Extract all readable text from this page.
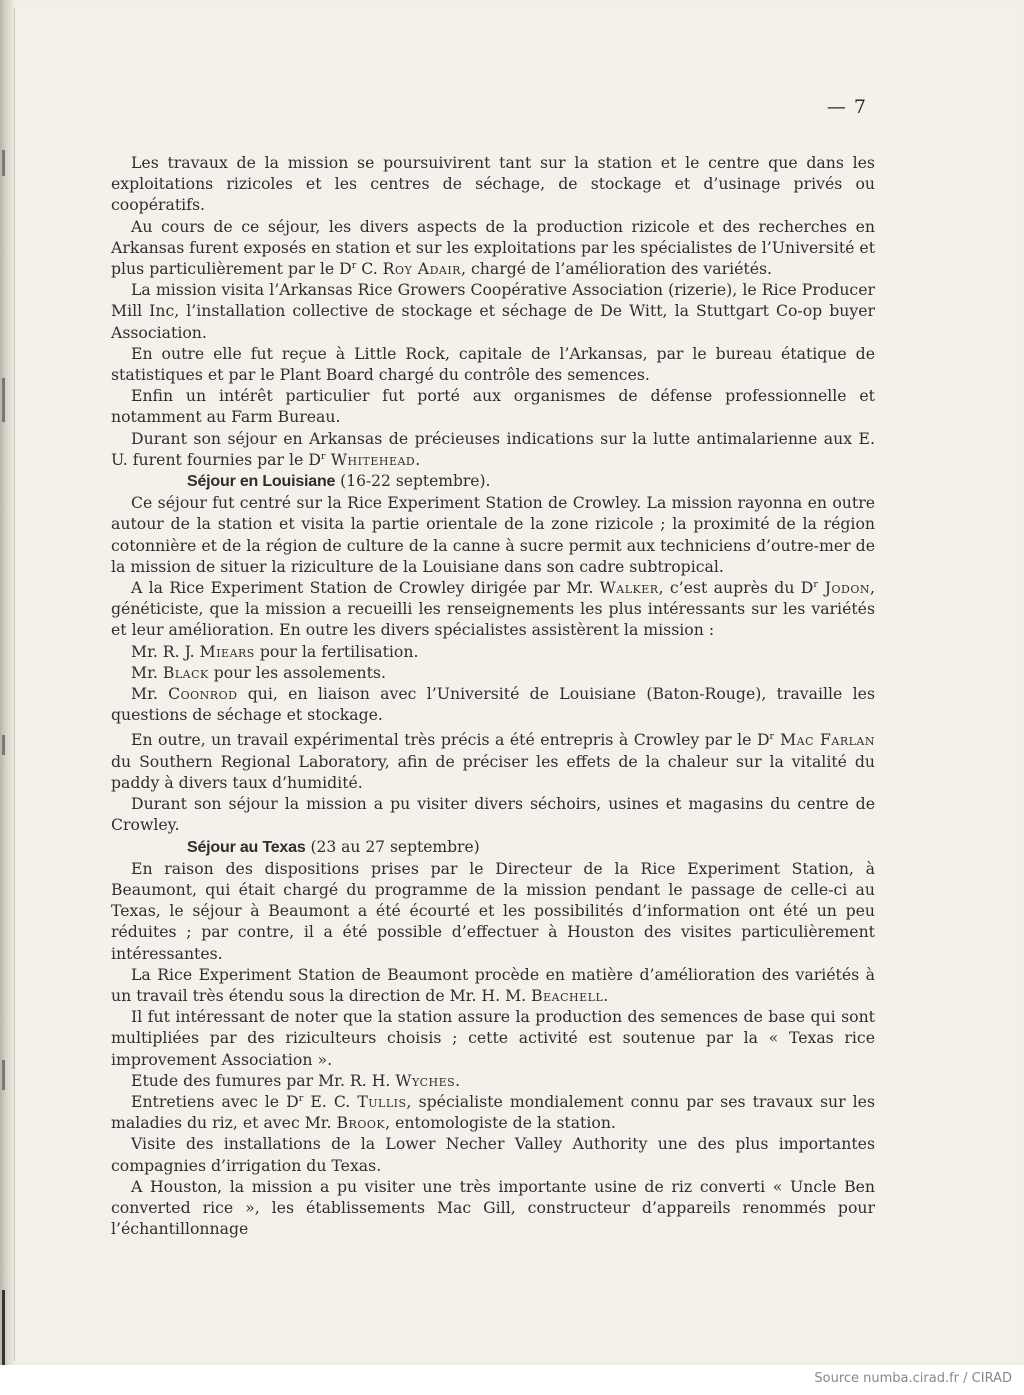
— 7

Les travaux de la mission se poursuivirent tant sur la station et le centre que dans les exploitations rizicoles et les centres de séchage, de stockage et d’usinage privés ou coopératifs.

Au cours de ce séjour, les divers aspects de la production rizicole et des recherches en Arkansas furent exposés en station et sur les exploitations par les spécialistes de l’Université et plus particulièrement par le $D^r$ C. Roy Adair, chargé de l’amélioration des variétés.

La mission visita l’Arkansas Rice Growers Coopérative Association (rizerie), le Rice Producer Mill Inc, l’installation collective de stockage et séchage de De Witt, la Stuttgart Co-op buyer Association.

En outre elle fut reçue à Little Rock, capitale de l’Arkansas, par le bureau étatique de statistiques et par le Plant Board chargé du contrôle des semences.

Enfin un intérêt particulier fut porté aux organismes de défense professionnelle et notamment au Farm Bureau.

Durant son séjour en Arkansas de précieuses indications sur la lutte antimalarienne aux E. U. furent fournies par le $D^r$ Whitehead.

Séjour en Louisiane (16-22 septembre).

Ce séjour fut centré sur la Rice Experiment Station de Crowley. La mission rayonna en outre autour de la station et visita la partie orientale de la zone rizicole ; la proximité de la région cotonnière et de la région de culture de la canne à sucre permit aux techniciens d’outre-mer de la mission de situer la riziculture de la Louisiane dans son cadre subtropical.

A la Rice Experiment Station de Crowley dirigée par Mr. Walker, c’est auprès du $D^r$ Jodon, généticiste, que la mission a recueilli les renseignements les plus intéressants sur les variétés et leur amélioration. En outre les divers spécialistes assistèrent la mission :

Mr. R. J. Miears pour la fertilisation.

Mr. Black pour les assolements.

Mr. Coonrod qui, en liaison avec l’Université de Louisiane (Baton-Rouge), travaille les questions de séchage et stockage.

En outre, un travail expérimental très précis a été entrepris à Crowley par le $D^r$ Mac Farlan du Southern Regional Laboratory, afin de préciser les effets de la chaleur sur la vitalité du paddy à divers taux d’humidité.

Durant son séjour la mission a pu visiter divers séchoirs, usines et magasins du centre de Crowley.

Séjour au Texas (23 au 27 septembre)

En raison des dispositions prises par le Directeur de la Rice Experiment Station, à Beaumont, qui était chargé du programme de la mission pendant le passage de celle-ci au Texas, le séjour à Beaumont a été écourté et les possibilités d’information ont été un peu réduites ; par contre, il a été possible d’effectuer à Houston des visites particulièrement intéressantes.

La Rice Experiment Station de Beaumont procède en matière d’amélioration des variétés à un travail très étendu sous la direction de Mr. H. M. Beachell.

Il fut intéressant de noter que la station assure la production des semences de base qui sont multipliées par des riziculteurs choisis ; cette activité est soutenue par la « Texas rice improvement Association ».

Etude des fumures par Mr. R. H. Wyches.

Entretiens avec le $D^r$ E. C. Tullis, spécialiste mondialement connu par ses travaux sur les maladies du riz, et avec Mr. Brook, entomologiste de la station.

Visite des installations de la Lower Necher Valley Authority une des plus importantes compagnies d’irrigation du Texas.

A Houston, la mission a pu visiter une très importante usine de riz converti « Uncle Ben converted rice », les établissements Mac Gill, constructeur d’appareils renommés pour l’échantillonnage

Source numba.cirad.fr / CIRAD
